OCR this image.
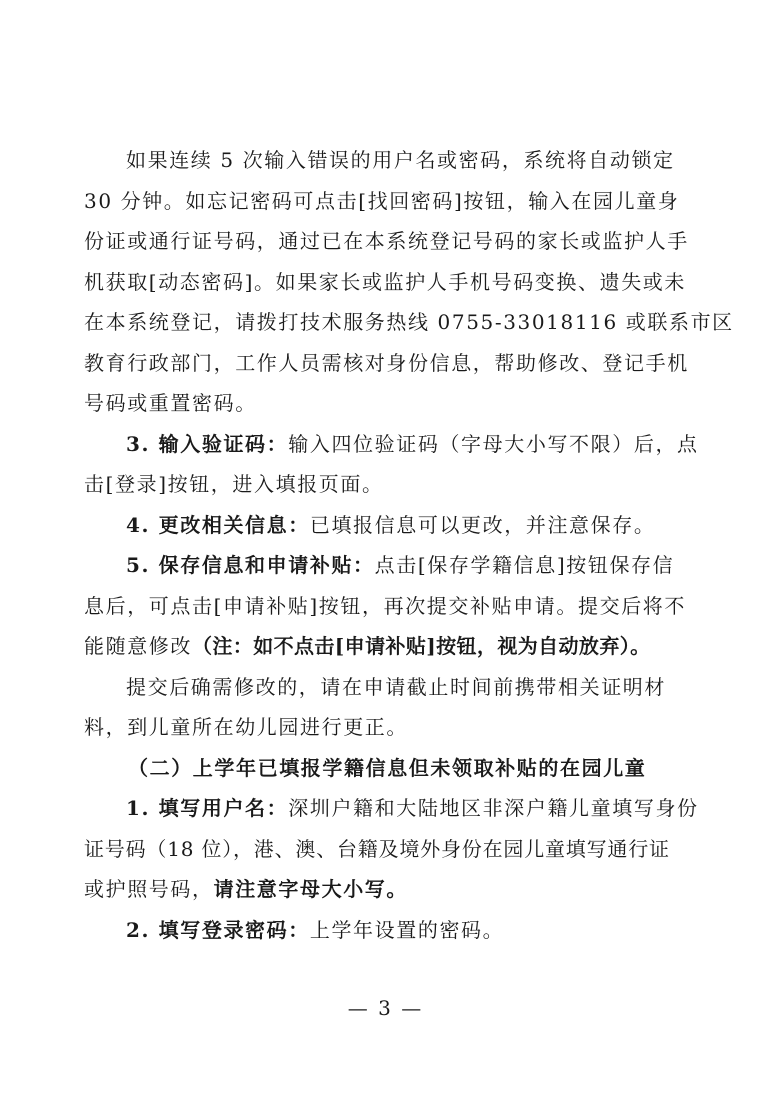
如果连续 5 次输入错误的用户名或密码，系统将自动锁定
30 分钟。如忘记密码可点击[找回密码]按钮，输入在园儿童身
份证或通行证号码，通过已在本系统登记号码的家长或监护人手
机获取[动态密码]。如果家长或监护人手机号码变换、遗失或未
在本系统登记，请拨打技术服务热线 0755-33018116 或联系市区
教育行政部门，工作人员需核对身份信息，帮助修改、登记手机
号码或重置密码。
3. 输入验证码：输入四位验证码（字母大小写不限）后，点
击[登录]按钮，进入填报页面。
4. 更改相关信息：已填报信息可以更改，并注意保存。
5. 保存信息和申请补贴：点击[保存学籍信息]按钮保存信
息后，可点击[申请补贴]按钮，再次提交补贴申请。提交后将不
能随意修改（注：如不点击[申请补贴]按钮，视为自动放弃）。
提交后确需修改的，请在申请截止时间前携带相关证明材
料，到儿童所在幼儿园进行更正。
（二）上学年已填报学籍信息但未领取补贴的在园儿童
1. 填写用户名：深圳户籍和大陆地区非深户籍儿童填写身份
证号码（18 位），港、澳、台籍及境外身份在园儿童填写通行证
或护照号码，请注意字母大小写。
2. 填写登录密码：上学年设置的密码。
— 3 —
